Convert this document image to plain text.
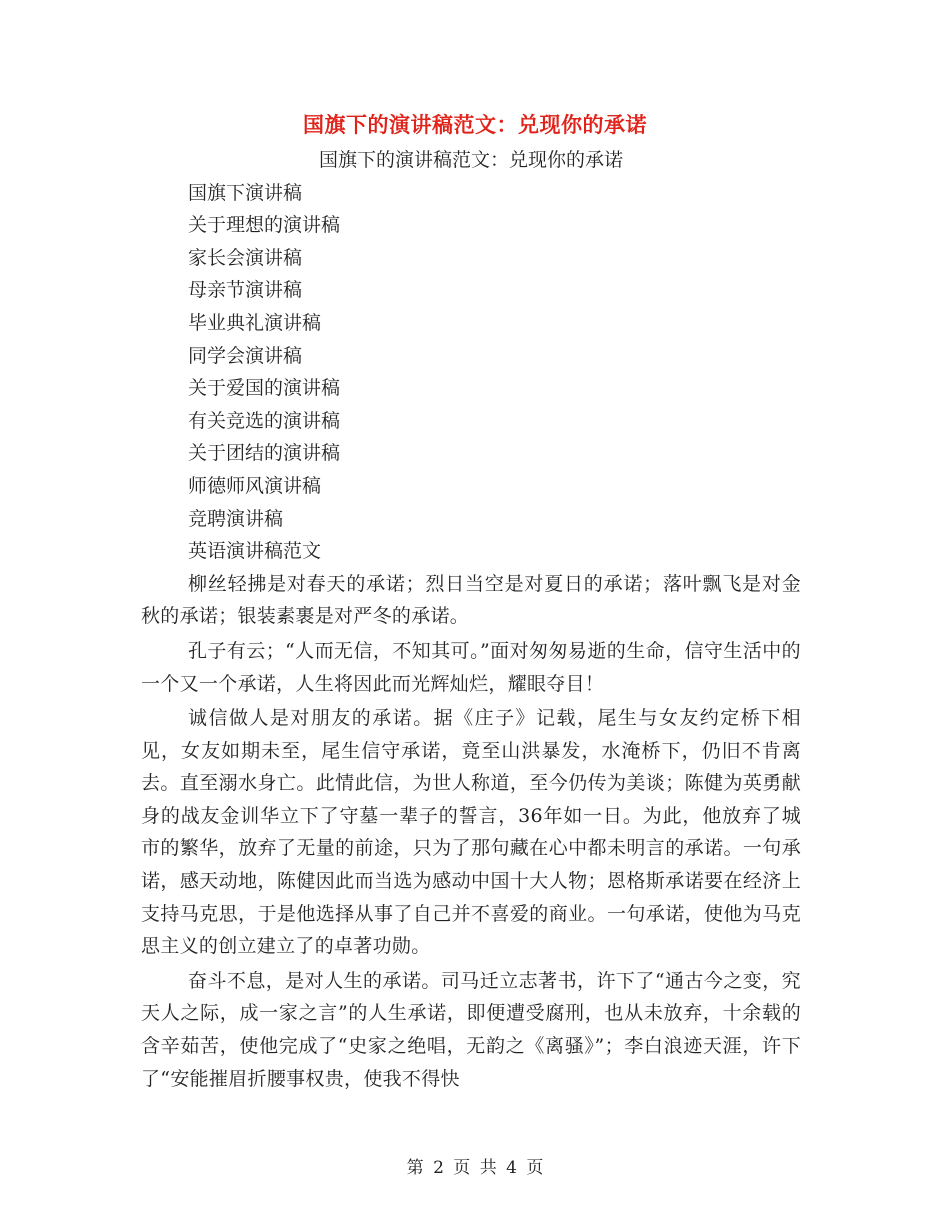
国旗下的演讲稿范文：兑现你的承诺

国旗下的演讲稿范文：兑现你的承诺

国旗下演讲稿
关于理想的演讲稿
家长会演讲稿
母亲节演讲稿
毕业典礼演讲稿
同学会演讲稿
关于爱国的演讲稿
有关竞选的演讲稿
关于团结的演讲稿
师德师风演讲稿
竞聘演讲稿
英语演讲稿范文

柳丝轻拂是对春天的承诺；烈日当空是对夏日的承诺；落叶飘飞是对金秋的承诺；银装素裹是对严冬的承诺。

孔子有云；“人而无信，不知其可。”面对匆匆易逝的生命，信守生活中的一个又一个承诺，人生将因此而光辉灿烂，耀眼夺目！

诚信做人是对朋友的承诺。据《庄子》记载，尾生与女友约定桥下相见，女友如期未至，尾生信守承诺，竟至山洪暴发，水淹桥下，仍旧不肯离去。直至溺水身亡。此情此信，为世人称道，至今仍传为美谈；陈健为英勇献身的战友金训华立下了守墓一辈子的誓言，36年如一日。为此，他放弃了城市的繁华，放弃了无量的前途，只为了那句藏在心中都未明言的承诺。一句承诺，感天动地，陈健因此而当选为感动中国十大人物；恩格斯承诺要在经济上支持马克思，于是他选择从事了自己并不喜爱的商业。一句承诺，使他为马克思主义的创立建立了的卓著功勋。

奋斗不息，是对人生的承诺。司马迁立志著书，许下了“通古今之变，究天人之际，成一家之言”的人生承诺，即便遭受腐刑，也从未放弃，十余载的含辛茹苦，使他完成了“史家之绝唱，无韵之《离骚》”；李白浪迹天涯，许下了“安能摧眉折腰事权贵，使我不得快

第 2 页 共 4 页
